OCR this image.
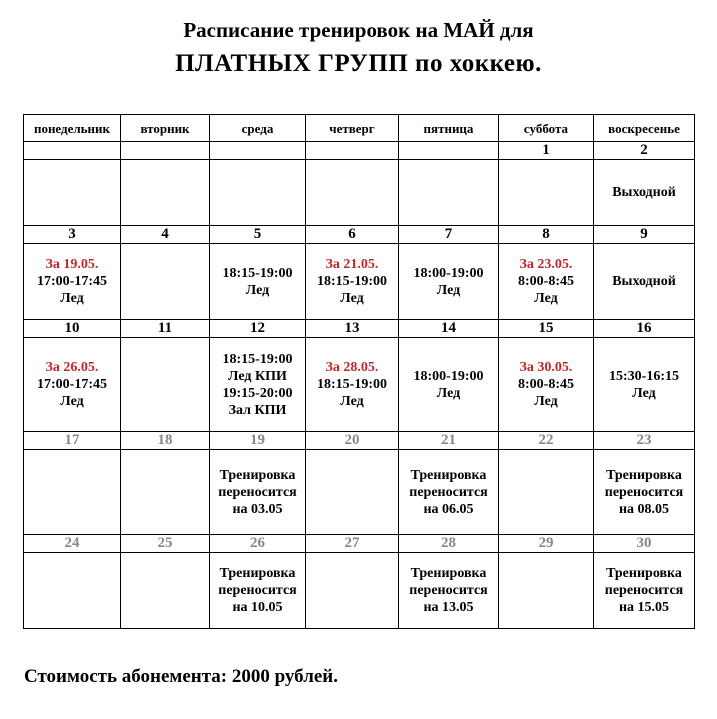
Расписание тренировок на МАЙ для
ПЛАТНЫХ ГРУПП по хоккею.
понедельник	вторник	среда	четверг	пятница	суббота	воскресенье
					1	2

						Выходной

3	4	5	6	7	8	9

За 19.05.
17:00-17:45
Лед		18:15-19:00
Лед	За 21.05.
18:15-19:00
Лед	18:00-19:00
Лед	За 23.05.
8:00-8:45
Лед	Выходной

10	11	12	13	14	15	16

За 26.05.
17:00-17:45
Лед		18:15-19:00
Лед КПИ
19:15-20:00
Зал КПИ	За 28.05.
18:15-19:00
Лед	18:00-19:00
Лед	За 30.05.
8:00-8:45
Лед	15:30-16:15
Лед

17	18	19	20	21	22	23

		Тренировка
переносится
на 03.05		Тренировка
переносится
на 06.05		Тренировка
переносится
на 08.05

24	25	26	27	28	29	30

		Тренировка
переносится
на 10.05		Тренировка
переносится
на 13.05		Тренировка
переносится
на 15.05
Стоимость абонемента: 2000 рублей.
